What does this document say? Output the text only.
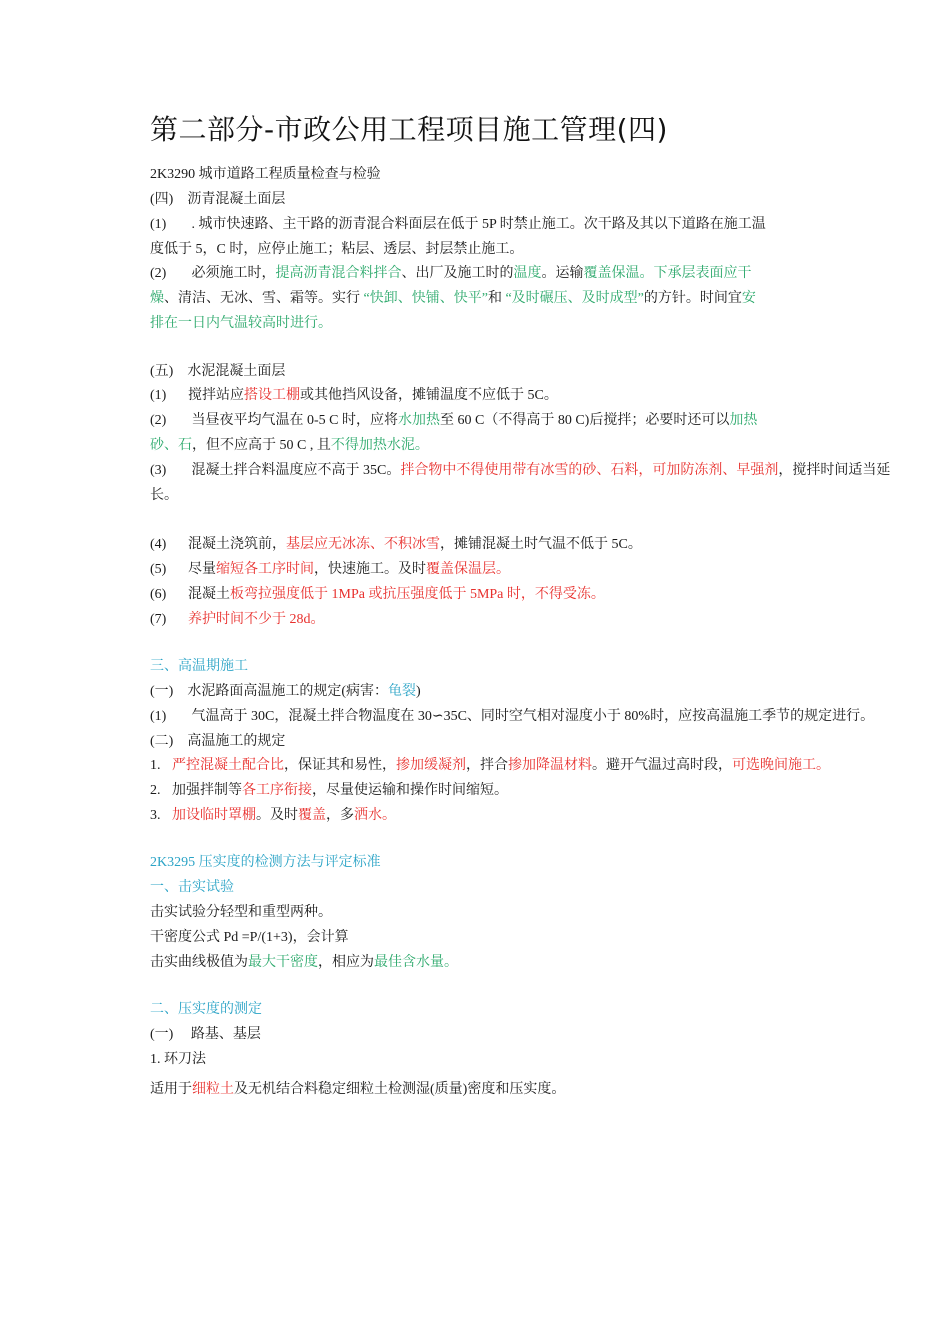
第二部分-市政公用工程项目施工管理(四)
2K3290 城市道路工程质量检查与检验
(四)　沥青混凝土面层
(1) . 城市快速路、主干路的沥青混合料面层在低于 5P 时禁止施工。次干路及其以下道路在施工温
度低于 5，C 时，应停止施工；粘层、透层、封层禁止施工。
(2) 必须施工时，提高沥青混合料拌合、出厂及施工时的温度。运输覆盖保温。下承层表面应干
燥、清洁、无冰、雪、霜等。实行 “快卸、快铺、快平”和 “及时碾压、及时成型”的方针。时间宜安
排在一日内气温较高时进行。
(五)　水泥混凝土面层
(1) 搅拌站应搭设工棚或其他挡风设备，摊铺温度不应低于 5C。
(2) 当昼夜平均气温在 0-5 C 时，应将水加热至 60 C（不得高于 80 C)后搅拌；必要时还可以加热
砂、石，但不应高于 50 C , 且不得加热水泥。
(3) 混凝土拌合料温度应不高于 35C。拌合物中不得使用带有冰雪的砂、石料，可加防冻剂、早强剂，搅拌时间适当延
长。
(4) 混凝土浇筑前，基层应无冰冻、不积冰雪，摊铺混凝土时气温不低于 5C。
(5) 尽量缩短各工序时间，快速施工。及时覆盖保温层。
(6) 混凝土板弯拉强度低于 1MPa 或抗压强度低于 5MPa 时，不得受冻。
(7) 养护时间不少于 28d。
三、高温期施工
(一)　水泥路面高温施工的规定(病害：龟裂)
(1) 气温高于 30C，混凝土拌合物温度在 30∽35C、同时空气相对湿度小于 80%时，应按高温施工季节的规定进行。
(二)　高温施工的规定
1. 严控混凝土配合比，保证其和易性，掺加缓凝剂，拌合掺加降温材料。避开气温过高时段，可选晚间施工。
2. 加强拌制等各工序衔接，尽量使运输和操作时间缩短。
3. 加设临时罩棚。及时覆盖，多洒水。
2K3295 压实度的检测方法与评定标准
一、击实试验
击实试验分轻型和重型两种。
干密度公式 Pd =P/(1+3)，会计算
击实曲线极值为最大干密度，相应为最佳含水量。
二、压实度的测定
(一)　 路基、基层
1. 环刀法
适用于细粒土及无机结合料稳定细粒土检测湿(质量)密度和压实度。
